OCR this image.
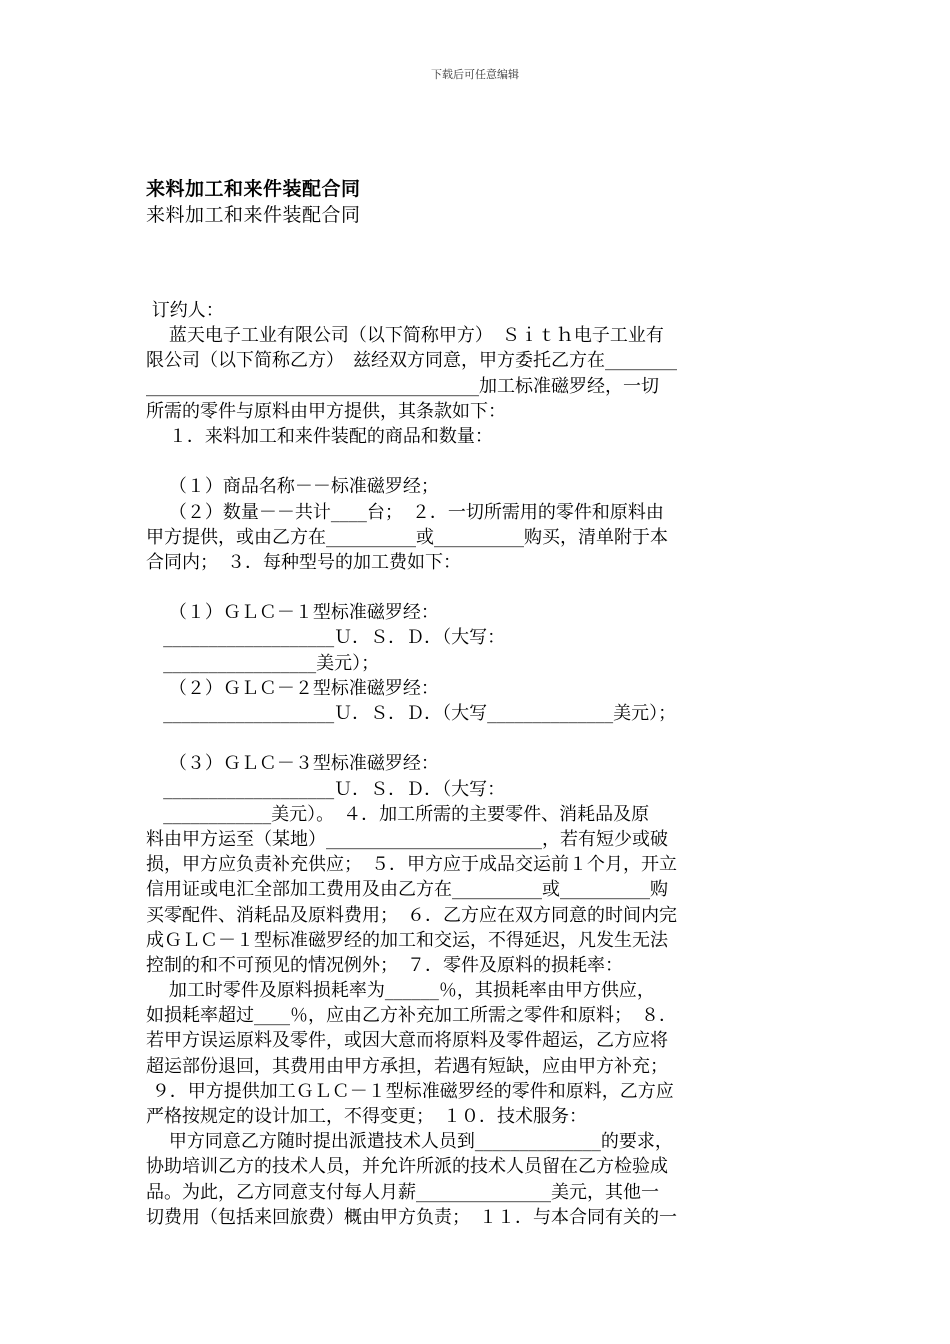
下载后可任意编辑
来料加工和来件装配合同
来料加工和来件装配合同
订约人：
蓝天电子工业有限公司（以下简称甲方）　Ｓｉｔｈ电子工业有
限公司（以下简称乙方）　兹经双方同意，甲方委托乙方在________
_____________________________________加工标准磁罗经，一切
所需的零件与原料由甲方提供，其条款如下：
１．来料加工和来件装配的商品和数量：
（１）商品名称－－标准磁罗经；
（２）数量－－共计____台；　２．一切所需用的零件和原料由
甲方提供，或由乙方在__________或__________购买，清单附于本
合同内；　３．每种型号的加工费如下：
（１）ＧＬＣ－１型标准磁罗经：
___________________Ｕ．Ｓ．Ｄ．（大写：
_________________美元）；
（２）ＧＬＣ－２型标准磁罗经：
___________________Ｕ．Ｓ．Ｄ．（大写______________美元）；
（３）ＧＬＣ－３型标准磁罗经：
___________________Ｕ．Ｓ．Ｄ．（大写：
____________美元）。　４．加工所需的主要零件、消耗品及原
料由甲方运至（某地）________________________，若有短少或破
损，甲方应负责补充供应；　５．甲方应于成品交运前１个月，开立
信用证或电汇全部加工费用及由乙方在__________或__________购
买零配件、消耗品及原料费用；　６．乙方应在双方同意的时间内完
成ＧＬＣ－１型标准磁罗经的加工和交运，不得延迟，凡发生无法
控制的和不可预见的情况例外；　７．零件及原料的损耗率：
加工时零件及原料损耗率为______％，其损耗率由甲方供应，
如损耗率超过____％，应由乙方补充加工所需之零件和原料；　８．
若甲方误运原料及零件，或因大意而将原料及零件超运，乙方应将
超运部份退回，其费用由甲方承担，若遇有短缺，应由甲方补充；
９．甲方提供加工ＧＬＣ－１型标准磁罗经的零件和原料，乙方应
严格按规定的设计加工，不得变更；　１０．技术服务：
甲方同意乙方随时提出派遣技术人员到______________的要求，
协助培训乙方的技术人员，并允许所派的技术人员留在乙方检验成
品。为此，乙方同意支付每人月薪_______________美元，其他一
切费用（包括来回旅费）概由甲方负责；　１１．与本合同有关的一
